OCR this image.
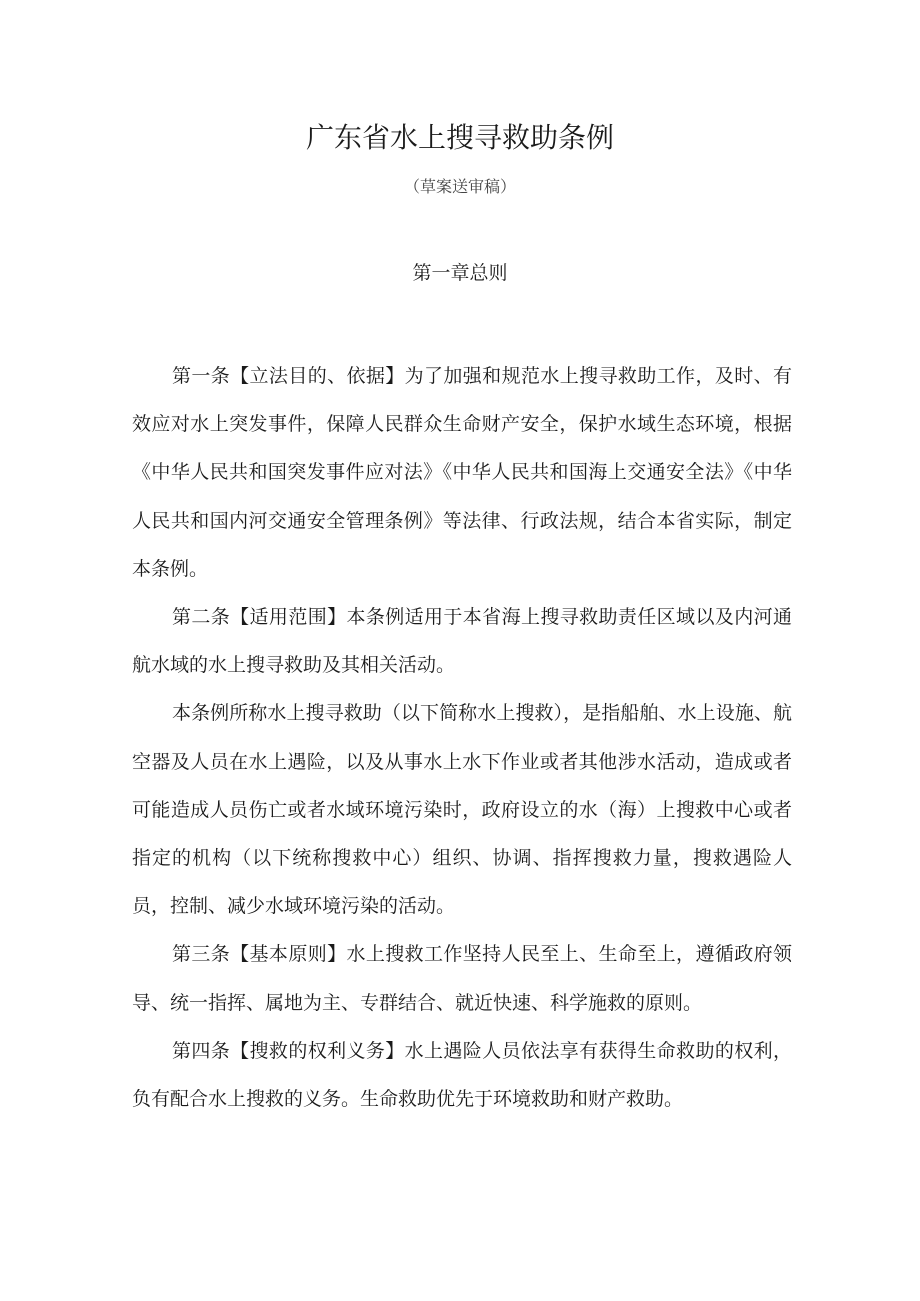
广东省水上搜寻救助条例
（草案送审稿）
第一章总则

第一条【立法目的、依据】为了加强和规范水上搜寻救助工作，及时、有效应对水上突发事件，保障人民群众生命财产安全，保护水域生态环境，根据《中华人民共和国突发事件应对法》《中华人民共和国海上交通安全法》《中华人民共和国内河交通安全管理条例》等法律、行政法规，结合本省实际，制定本条例。

第二条【适用范围】本条例适用于本省海上搜寻救助责任区域以及内河通航水域的水上搜寻救助及其相关活动。

本条例所称水上搜寻救助（以下简称水上搜救），是指船舶、水上设施、航空器及人员在水上遇险，以及从事水上水下作业或者其他涉水活动，造成或者可能造成人员伤亡或者水域环境污染时，政府设立的水（海）上搜救中心或者指定的机构（以下统称搜救中心）组织、协调、指挥搜救力量，搜救遇险人员，控制、减少水域环境污染的活动。

第三条【基本原则】水上搜救工作坚持人民至上、生命至上，遵循政府领导、统一指挥、属地为主、专群结合、就近快速、科学施救的原则。

第四条【搜救的权利义务】水上遇险人员依法享有获得生命救助的权利，负有配合水上搜救的义务。生命救助优先于环境救助和财产救助。
